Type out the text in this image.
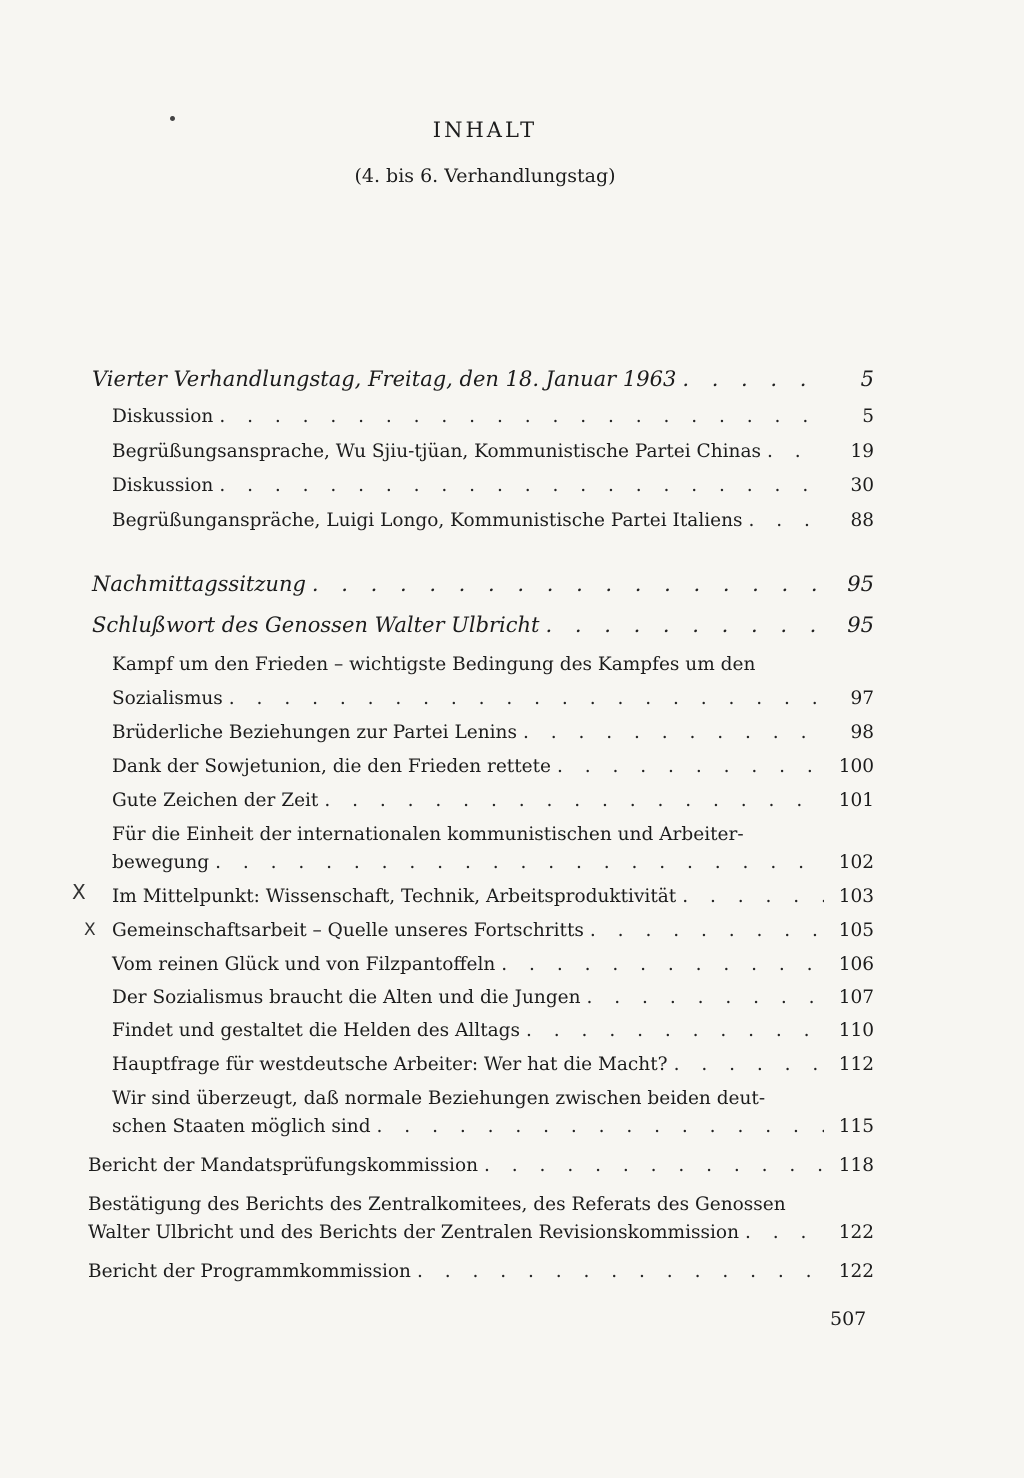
INHALT
(4. bis 6. Verhandlungstag)
Vierter Verhandlungstag, Freitag, den 18. Januar 1963 . . .	5
Diskussion . . .	5
Begrüßungsansprache, Wu Sjiu-tjüan, Kommunistische Partei Chinas . . .	19
Diskussion . . .	30
Begrüßunganspräche, Luigi Longo, Kommunistische Partei Italiens . . .	88
Nachmittagssitzung . . .	95
Schlußwort des Genossen Walter Ulbricht . . .	95
Kampf um den Frieden – wichtigste Bedingung des Kampfes um den
Sozialismus . . .	97
Brüderliche Beziehungen zur Partei Lenins . . .	98
Dank der Sowjetunion, die den Frieden rettete . . .	100
Gute Zeichen der Zeit . . .	101
Für die Einheit der internationalen kommunistischen und Arbeiter-
bewegung . . .	102
X Im Mittelpunkt: Wissenschaft, Technik, Arbeitsproduktivität . . .	103
X Gemeinschaftsarbeit – Quelle unseres Fortschritts . . .	105
Vom reinen Glück und von Filzpantoffeln . . .	106
Der Sozialismus braucht die Alten und die Jungen . . .	107
Findet und gestaltet die Helden des Alltags . . .	110
Hauptfrage für westdeutsche Arbeiter: Wer hat die Macht? . . .	112
Wir sind überzeugt, daß normale Beziehungen zwischen beiden deut-
schen Staaten möglich sind . . .	115
Bericht der Mandatsprüfungskommission . . .	118
Bestätigung des Berichts des Zentralkomitees, des Referats des Genossen
Walter Ulbricht und des Berichts der Zentralen Revisionskommission . . .	122
Bericht der Programmkommission . . .	122
507
